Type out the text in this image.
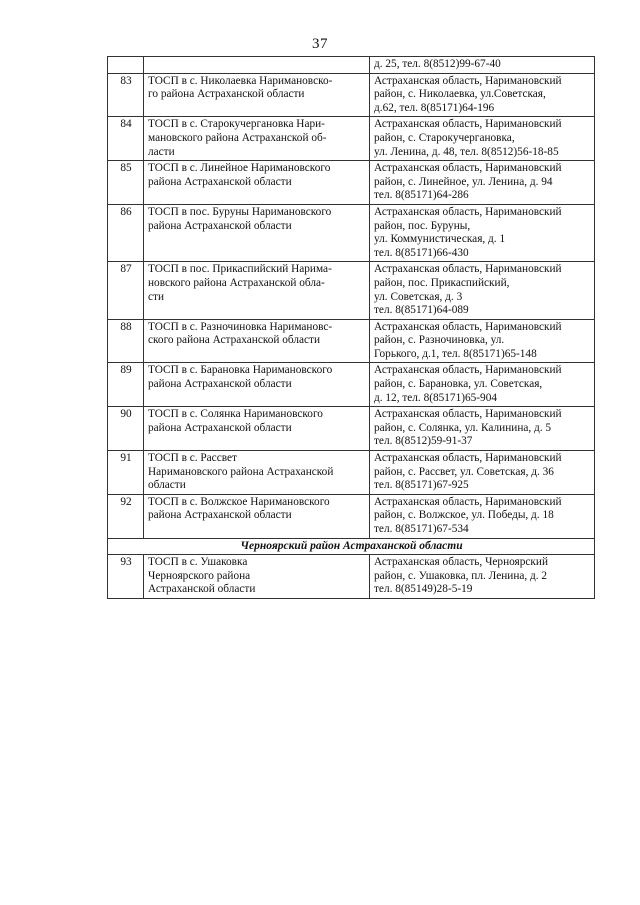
37

		д. 25, тел. 8(8512)99-67-40

83	ТОСП в с. Николаевка Наримановско-
го района Астраханской области	Астраханская область, Наримановский
район, с. Николаевка, ул.Советская,
д.62, тел. 8(85171)64-196

84	ТОСП в с. Старокучергановка Нари-
мановского района Астраханской об-
ласти	Астраханская область, Наримановский
район, с. Старокучергановка,
ул. Ленина, д. 48, тел. 8(8512)56-18-85

85	ТОСП в с. Линейное Наримановского
района Астраханской области	Астраханская область, Наримановский
район, с. Линейное, ул. Ленина, д. 94
тел. 8(85171)64-286

86	ТОСП в пос. Буруны Наримановского
района Астраханской области	Астраханская область, Наримановский
район, пос. Буруны,
ул. Коммунистическая, д. 1
тел. 8(85171)66-430

87	ТОСП в пос. Прикаспийский Нарима-
новского района Астраханской обла-
сти	Астраханская область, Наримановский
район, пос. Прикаспийский,
ул. Советская, д. 3
тел. 8(85171)64-089

88	ТОСП в с. Разночиновка Наримановс-
ского района Астраханской области	Астраханская область, Наримановский
район, с. Разночиновка, ул.
Горького, д.1, тел. 8(85171)65-148

89	ТОСП в с. Барановка Наримановского
района Астраханской области	Астраханская область, Наримановский
район, с. Барановка, ул. Советская,
д. 12, тел. 8(85171)65-904

90	ТОСП в с. Солянка Наримановского
района Астраханской области	Астраханская область, Наримановский
район, с. Солянка, ул. Калинина, д. 5
тел. 8(8512)59-91-37

91	ТОСП в с. Рассвет
Наримановского района Астраханской
области	Астраханская область, Наримановский
район, с. Рассвет, ул. Советская, д. 36
тел. 8(85171)67-925

92	ТОСП в с. Волжское Наримановского
района Астраханской области	Астраханская область, Наримановский
район, с. Волжское, ул. Победы, д. 18
тел. 8(85171)67-534

Черноярский район Астраханской области		
93	ТОСП в с. Ушаковка
Черноярского района
Астраханской области	Астраханская область, Черноярский
район, с. Ушаковка, пл. Ленина, д. 2
тел. 8(85149)28-5-19
